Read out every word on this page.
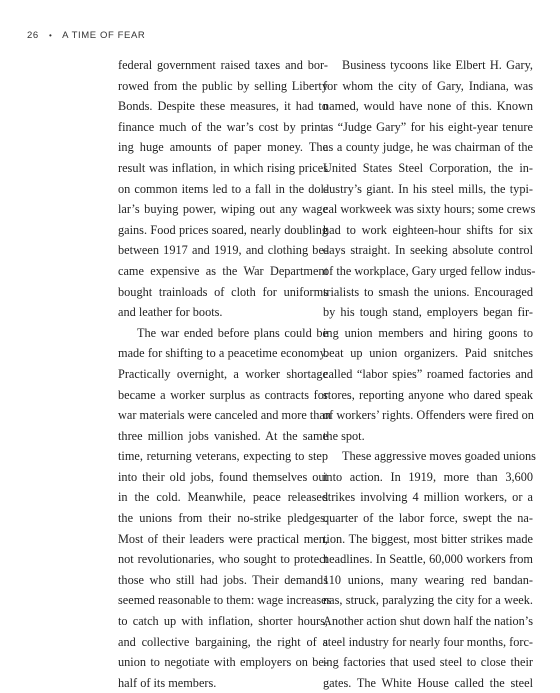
26 • A TIME OF FEAR
federal government raised taxes and bor-
rowed from the public by selling Liberty
Bonds. Despite these measures, it had to
finance much of the war’s cost by print-
ing huge amounts of paper money. The
result was inflation, in which rising prices
on common items led to a fall in the dol-
lar’s buying power, wiping out any wage
gains. Food prices soared, nearly doubling
between 1917 and 1919, and clothing be-
came expensive as the War Department
bought trainloads of cloth for uniforms
and leather for boots.
The war ended before plans could be
made for shifting to a peacetime economy.
Practically overnight, a worker shortage
became a worker surplus as contracts for
war materials were canceled and more than
three million jobs vanished. At the same
time, returning veterans, expecting to step
into their old jobs, found themselves out
in the cold. Meanwhile, peace released
the unions from their no-strike pledges.
Most of their leaders were practical men,
not revolutionaries, who sought to protect
those who still had jobs. Their demands
seemed reasonable to them: wage increases
to catch up with inflation, shorter hours,
and collective bargaining, the right of a
union to negotiate with employers on be-
half of its members.
Business tycoons like Elbert H. Gary,
for whom the city of Gary, Indiana, was
named, would have none of this. Known
as “Judge Gary” for his eight-year tenure
as a county judge, he was chairman of the
United States Steel Corporation, the in-
dustry’s giant. In his steel mills, the typi-
cal workweek was sixty hours; some crews
had to work eighteen-hour shifts for six
days straight. In seeking absolute control
of the workplace, Gary urged fellow indus-
trialists to smash the unions. Encouraged
by his tough stand, employers began fir-
ing union members and hiring goons to
beat up union organizers. Paid snitches
called “labor spies” roamed factories and
stores, reporting anyone who dared speak
of workers’ rights. Offenders were fired on
the spot.
These aggressive moves goaded unions
into action. In 1919, more than 3,600
strikes involving 4 million workers, or a
quarter of the labor force, swept the na-
tion. The biggest, most bitter strikes made
headlines. In Seattle, 60,000 workers from
110 unions, many wearing red bandan-
nas, struck, paralyzing the city for a week.
Another action shut down half the nation’s
steel industry for nearly four months, forc-
ing factories that used steel to close their
gates. The White House called the steel
